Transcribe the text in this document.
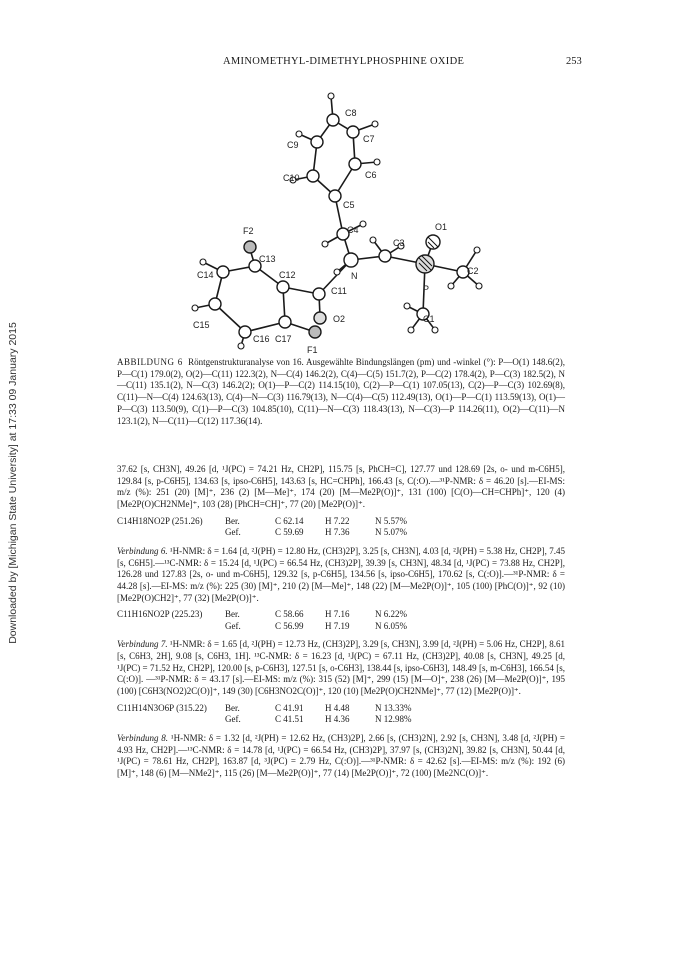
AMINOMETHYL-DIMETHYLPHOSPHINE OXIDE	253
Downloaded by [Michigan State University] at 17:33 09 January 2015
C8
C9
C7
C10	C6
C5
C4
C3
O1
F2
C13
C14	C12	N
C11	P
C2
C15
O2	C1
C16 C17
F1
ABBILDUNG 6 Röntgenstrukturanalyse von 16. Ausgewählte Bindungslängen (pm) und -winkel (°): P—O(1) 148.6(2), P—C(1) 179.0(2), O(2)—C(11) 122.3(2), N—C(4) 146.2(2), C(4)—C(5) 151.7(2), P—C(2) 178.4(2), P—C(3) 182.5(2), N—C(11) 135.1(2), N—C(3) 146.2(2); O(1)—P—C(2) 114.15(10), C(2)—P—C(1) 107.05(13), C(2)—P—C(3) 102.69(8), C(11)—N—C(4) 124.63(13), C(4)—N—C(3) 116.79(13), N—C(4)—C(5) 112.49(13), O(1)—P—C(1) 113.59(13), O(1)—P—C(3) 113.50(9), C(1)—P—C(3) 104.85(10), C(11)—N—C(3) 118.43(13), N—C(3)—P 114.26(11), O(2)—C(11)—N 123.1(2), N—C(11)—C(12) 117.36(14).

37.62 [s, CH3N], 49.26 [d, ¹J(PC) = 74.21 Hz, CH2P], 115.75 [s, PhCH=C], 127.77 und 128.69 [2s, o- und m-C6H5], 129.84 [s, p-C6H5], 134.63 [s, ipso-C6H5], 143.63 [s, HC=CHPh], 166.43 [s, C(:O).—³¹P-NMR: δ = 46.20 [s].—EI-MS: m/z (%): 251 (20) [M]⁺, 236 (2) [M—Me]⁺, 174 (20) [M—Me2P(O)]⁺, 131 (100) [C(O)—CH=CHPh]⁺, 120 (4) [Me2P(O)CH2NMe]⁺, 103 (28) [PhCH=CH]⁺, 77 (20) [Me2P(O)]⁺.

C14H18NO2P (251.26)	Ber.	C 62.14	H 7.22	N 5.57%
Gef.	C 59.69	H 7.36	N 5.07%

Verbindung 6. ¹H-NMR: δ = 1.64 [d, ²J(PH) = 12.80 Hz, (CH3)2P], 3.25 [s, CH3N], 4.03 [d, ²J(PH) = 5.38 Hz, CH2P], 7.45 [s, C6H5].—¹³C-NMR: δ = 15.24 [d, ¹J(PC) = 66.54 Hz, (CH3)2P], 39.39 [s, CH3N], 48.34 [d, ¹J(PC) = 73.88 Hz, CH2P], 126.28 und 127.83 [2s, o- und m-C6H5], 129.32 [s, p-C6H5], 134.56 [s, ipso-C6H5], 170.62 [s, C(:O)].—³¹P-NMR: δ = 44.28 [s].—EI-MS: m/z (%): 225 (30) [M]⁺, 210 (2) [M—Me]⁺, 148 (22) [M—Me2P(O)]⁺, 105 (100) [PhC(O)]⁺, 92 (10) [Me2P(O)CH2]⁺, 77 (32) [Me2P(O)]⁺.

C11H16NO2P (225.23)	Ber.	C 58.66	H 7.16	N 6.22%
Gef.	C 56.99	H 7.19	N 6.05%

Verbindung 7. ¹H-NMR: δ = 1.65 [d, ²J(PH) = 12.73 Hz, (CH3)2P], 3.29 [s, CH3N], 3.99 [d, ²J(PH) = 5.06 Hz, CH2P], 8.61 [s, C6H3, 2H], 9.08 [s, C6H3, 1H]. ¹³C-NMR: δ = 16.23 [d, ¹J(PC) = 67.11 Hz, (CH3)2P], 40.08 [s, CH3N], 49.25 [d, ¹J(PC) = 71.52 Hz, CH2P], 120.00 [s, p-C6H3], 127.51 [s, o-C6H3], 138.44 [s, ipso-C6H3], 148.49 [s, m-C6H3], 166.54 [s, C(:O)]. —³¹P-NMR: δ = 43.17 [s].—EI-MS: m/z (%): 315 (52) [M]⁺, 299 (15) [M—O]⁺, 238 (26) [M—Me2P(O)]⁺, 195 (100) [C6H3(NO2)2C(O)]⁺, 149 (30) [C6H3NO2C(O)]⁺, 120 (10) [Me2P(O)CH2NMe]⁺, 77 (12) [Me2P(O)]⁺.

C11H14N3O6P (315.22)	Ber.	C 41.91	H 4.48	N 13.33%
Gef.	C 41.51	H 4.36	N 12.98%

Verbindung 8. ¹H-NMR: δ = 1.32 [d, ²J(PH) = 12.62 Hz, (CH3)2P], 2.66 [s, (CH3)2N], 2.92 [s, CH3N], 3.48 [d, ²J(PH) = 4.93 Hz, CH2P].—¹³C-NMR: δ = 14.78 [d, ¹J(PC) = 66.54 Hz, (CH3)2P], 37.97 [s, (CH3)2N], 39.82 [s, CH3N], 50.44 [d, ¹J(PC) = 78.61 Hz, CH2P], 163.87 [d, ³J(PC) = 2.79 Hz, C(:O)].—³¹P-NMR: δ = 42.62 [s].—EI-MS: m/z (%): 192 (6) [M]⁺, 148 (6) [M—NMe2]⁺, 115 (26) [M—Me2P(O)]⁺, 77 (14) [Me2P(O)]⁺, 72 (100) [Me2NC(O)]⁺.
